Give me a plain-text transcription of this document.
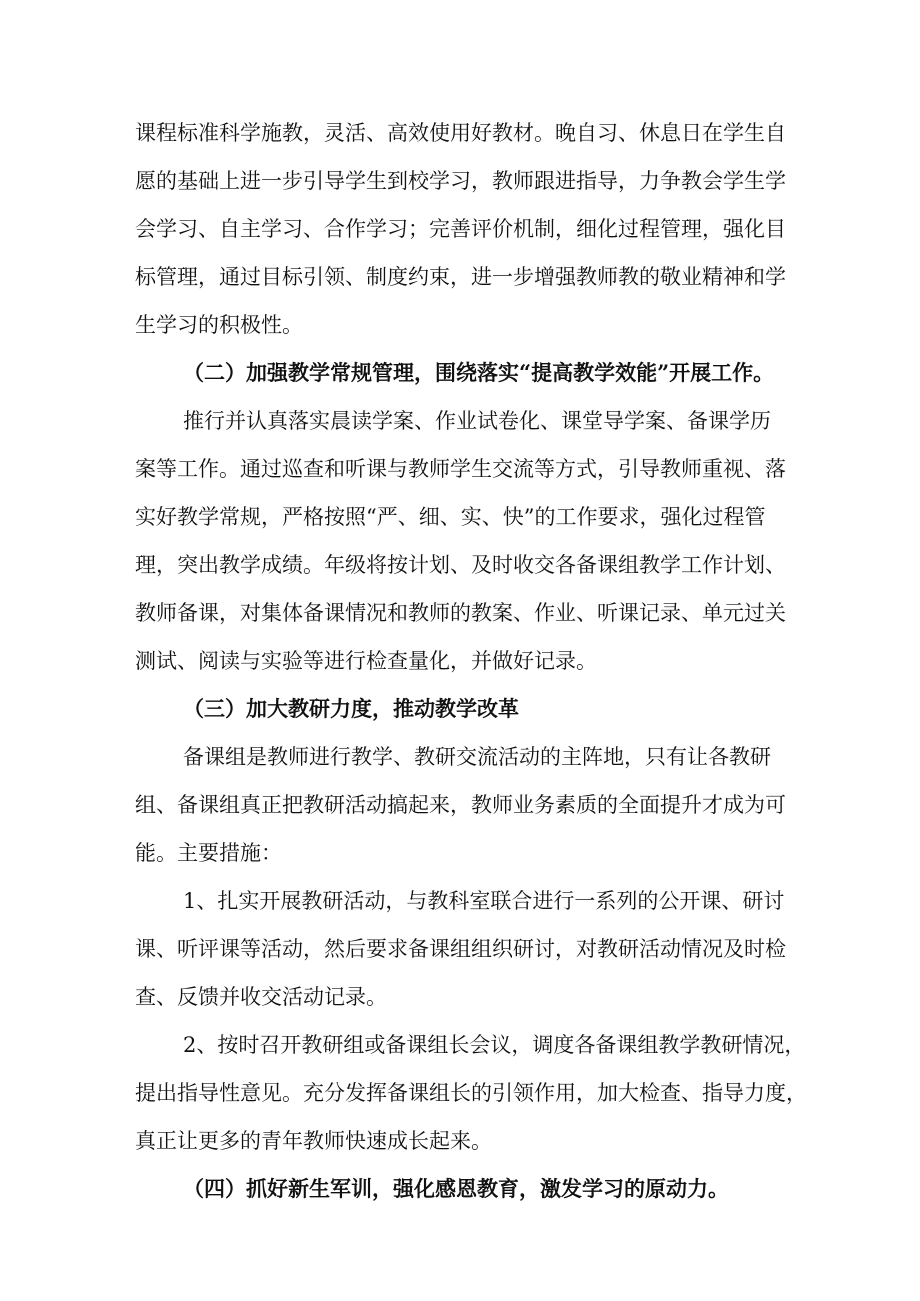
课程标准科学施教，灵活、高效使用好教材。晚自习、休息日在学生自
愿的基础上进一步引导学生到校学习，教师跟进指导，力争教会学生学
会学习、自主学习、合作学习；完善评价机制，细化过程管理，强化目
标管理，通过目标引领、制度约束，进一步增强教师教的敬业精神和学
生学习的积极性。
（二）加强教学常规管理，围绕落实“提高教学效能”开展工作。
推行并认真落实晨读学案、作业试卷化、课堂导学案、备课学历
案等工作。通过巡查和听课与教师学生交流等方式，引导教师重视、落
实好教学常规，严格按照“严、细、实、快”的工作要求，强化过程管
理，突出教学成绩。年级将按计划、及时收交各备课组教学工作计划、
教师备课，对集体备课情况和教师的教案、作业、听课记录、单元过关
测试、阅读与实验等进行检查量化，并做好记录。
（三）加大教研力度，推动教学改革
备课组是教师进行教学、教研交流活动的主阵地，只有让各教研
组、备课组真正把教研活动搞起来，教师业务素质的全面提升才成为可
能。主要措施：
1、扎实开展教研活动，与教科室联合进行一系列的公开课、研讨
课、听评课等活动，然后要求备课组组织研讨，对教研活动情况及时检
查、反馈并收交活动记录。
2、按时召开教研组或备课组长会议，调度各备课组教学教研情况，
提出指导性意见。充分发挥备课组长的引领作用，加大检查、指导力度，
真正让更多的青年教师快速成长起来。
（四）抓好新生军训，强化感恩教育，激发学习的原动力。
